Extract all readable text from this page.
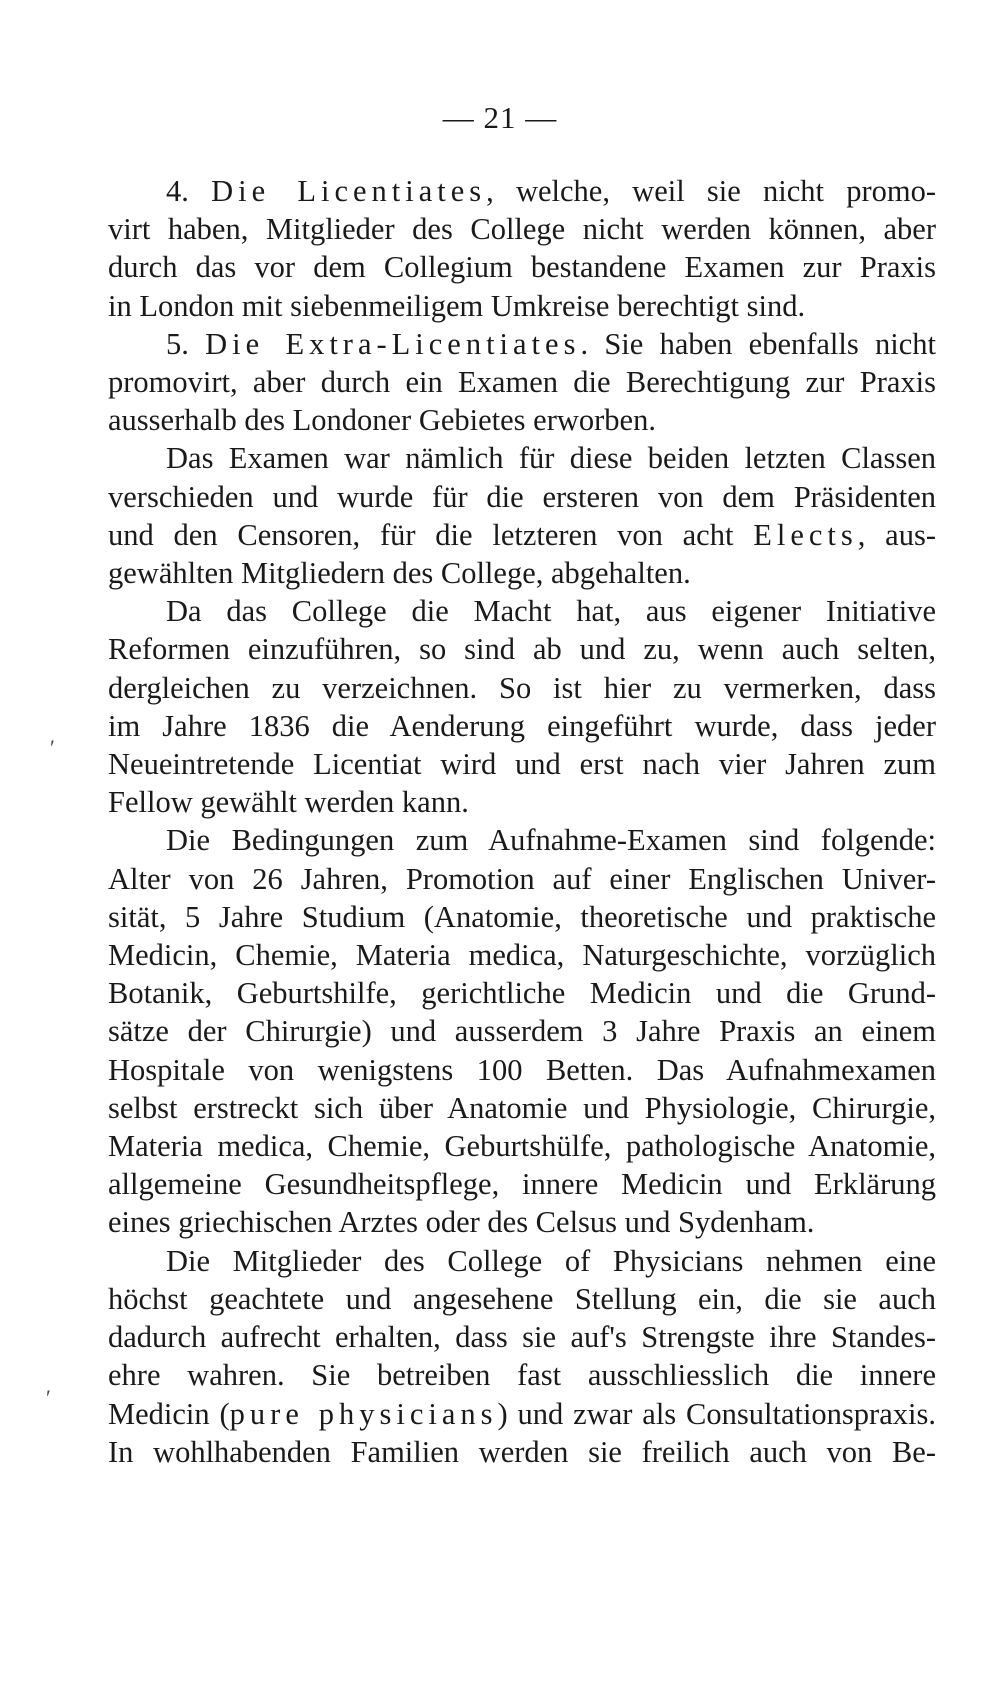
— 21 —
4. Die Licentiates, welche, weil sie nicht promo-
virt haben, Mitglieder des College nicht werden können, aber
durch das vor dem Collegium bestandene Examen zur Praxis
in London mit siebenmeiligem Umkreise berechtigt sind.
5. Die Extra-Licentiates. Sie haben ebenfalls nicht
promovirt, aber durch ein Examen die Berechtigung zur Praxis
ausserhalb des Londoner Gebietes erworben.
Das Examen war nämlich für diese beiden letzten Classen
verschieden und wurde für die ersteren von dem Präsidenten
und den Censoren, für die letzteren von acht Elects, aus-
gewählten Mitgliedern des College, abgehalten.
Da das College die Macht hat, aus eigener Initiative
Reformen einzuführen, so sind ab und zu, wenn auch selten,
dergleichen zu verzeichnen. So ist hier zu vermerken, dass
im Jahre 1836 die Aenderung eingeführt wurde, dass jeder
Neueintretende Licentiat wird und erst nach vier Jahren zum
Fellow gewählt werden kann.
Die Bedingungen zum Aufnahme-Examen sind folgende:
Alter von 26 Jahren, Promotion auf einer Englischen Univer-
sität, 5 Jahre Studium (Anatomie, theoretische und praktische
Medicin, Chemie, Materia medica, Naturgeschichte, vorzüglich
Botanik, Geburtshilfe, gerichtliche Medicin und die Grund-
sätze der Chirurgie) und ausserdem 3 Jahre Praxis an einem
Hospitale von wenigstens 100 Betten. Das Aufnahmexamen
selbst erstreckt sich über Anatomie und Physiologie, Chirurgie,
Materia medica, Chemie, Geburtshülfe, pathologische Anatomie,
allgemeine Gesundheitspflege, innere Medicin und Erklärung
eines griechischen Arztes oder des Celsus und Sydenham.
Die Mitglieder des College of Physicians nehmen eine
höchst geachtete und angesehene Stellung ein, die sie auch
dadurch aufrecht erhalten, dass sie auf's Strengste ihre Standes-
ehre wahren. Sie betreiben fast ausschliesslich die innere
Medicin (pure physicians) und zwar als Consultationspraxis.
In wohlhabenden Familien werden sie freilich auch von Be-
′
′
